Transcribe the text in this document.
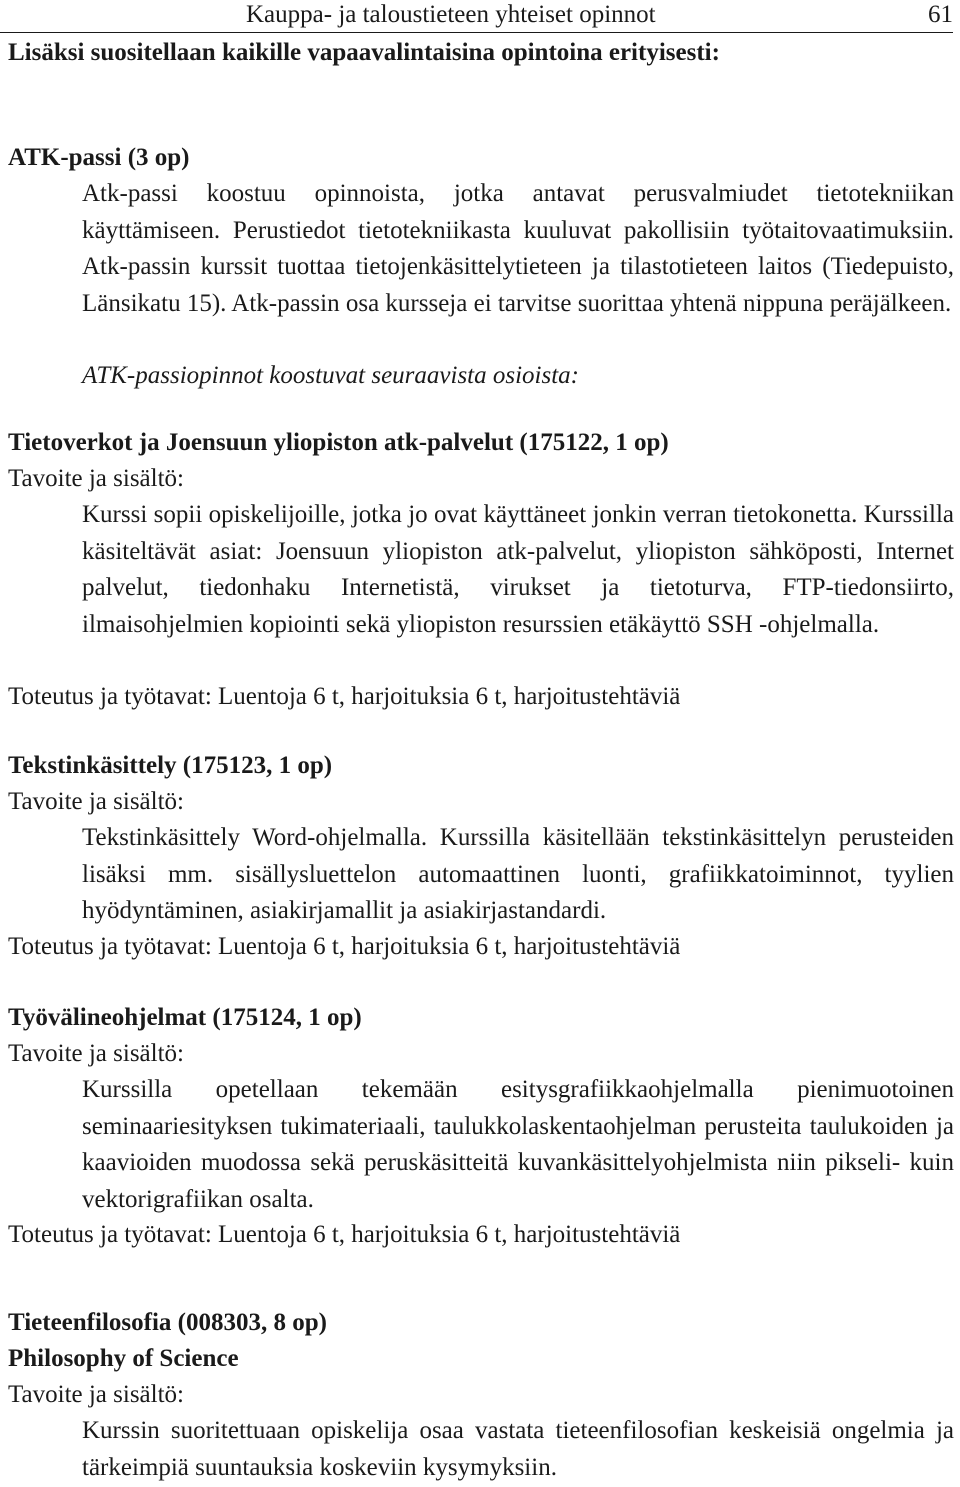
Kauppa- ja taloustieteen yhteiset opinnot	61

Lisäksi suositellaan kaikille vapaavalintaisina opintoina erityisesti:

ATK-passi (3 op)

Atk-passi koostuu opinnoista, jotka antavat perusvalmiudet tietotekniikan käyttämiseen. Perustiedot tietotekniikasta kuuluvat pakollisiin työtaitovaatimuksiin. Atk-passin kurssit tuottaa tietojenkäsittelytieteen ja tilastotieteen laitos (Tiedepuisto, Länsikatu 15). Atk-passin osa kursseja ei tarvitse suorittaa yhtenä nippuna peräjälkeen.

ATK-passiopinnot koostuvat seuraavista osioista:

Tietoverkot ja Joensuun yliopiston atk-palvelut (175122, 1 op)

Tavoite ja sisältö:

Kurssi sopii opiskelijoille, jotka jo ovat käyttäneet jonkin verran tietokonetta. Kurssilla käsiteltävät asiat: Joensuun yliopiston atk-palvelut, yliopiston sähköposti, Internet palvelut, tiedonhaku Internetistä, virukset ja tietoturva, FTP-tiedonsiirto, ilmaisohjelmien kopiointi sekä yliopiston resurssien etäkäyttö SSH -ohjelmalla.

Toteutus ja työtavat: Luentoja 6 t, harjoituksia 6 t, harjoitustehtäviä

Tekstinkäsittely (175123, 1 op)

Tavoite ja sisältö:

Tekstinkäsittely Word-ohjelmalla. Kurssilla käsitellään tekstinkäsittelyn perusteiden lisäksi mm. sisällysluettelon automaattinen luonti, grafiikkatoiminnot, tyylien hyödyntäminen, asiakirjamallit ja asiakirjastandardi.

Toteutus ja työtavat: Luentoja 6 t, harjoituksia 6 t, harjoitustehtäviä

Työvälineohjelmat (175124, 1 op)

Tavoite ja sisältö:

Kurssilla opetellaan tekemään esitysgrafiikkaohjelmalla pienimuotoinen seminaariesityksen tukimateriaali, taulukkolaskentaohjelman perusteita taulukoiden ja kaavioiden muodossa sekä peruskäsitteitä kuvankäsittelyohjelmista niin pikseli- kuin vektorigrafiikan osalta.

Toteutus ja työtavat: Luentoja 6 t, harjoituksia 6 t, harjoitustehtäviä

Tieteenfilosofia (008303, 8 op)

Philosophy of Science

Tavoite ja sisältö:

Kurssin suoritettuaan opiskelija osaa vastata tieteenfilosofian keskeisiä ongelmia ja tärkeimpiä suuntauksia koskeviin kysymyksiin.
